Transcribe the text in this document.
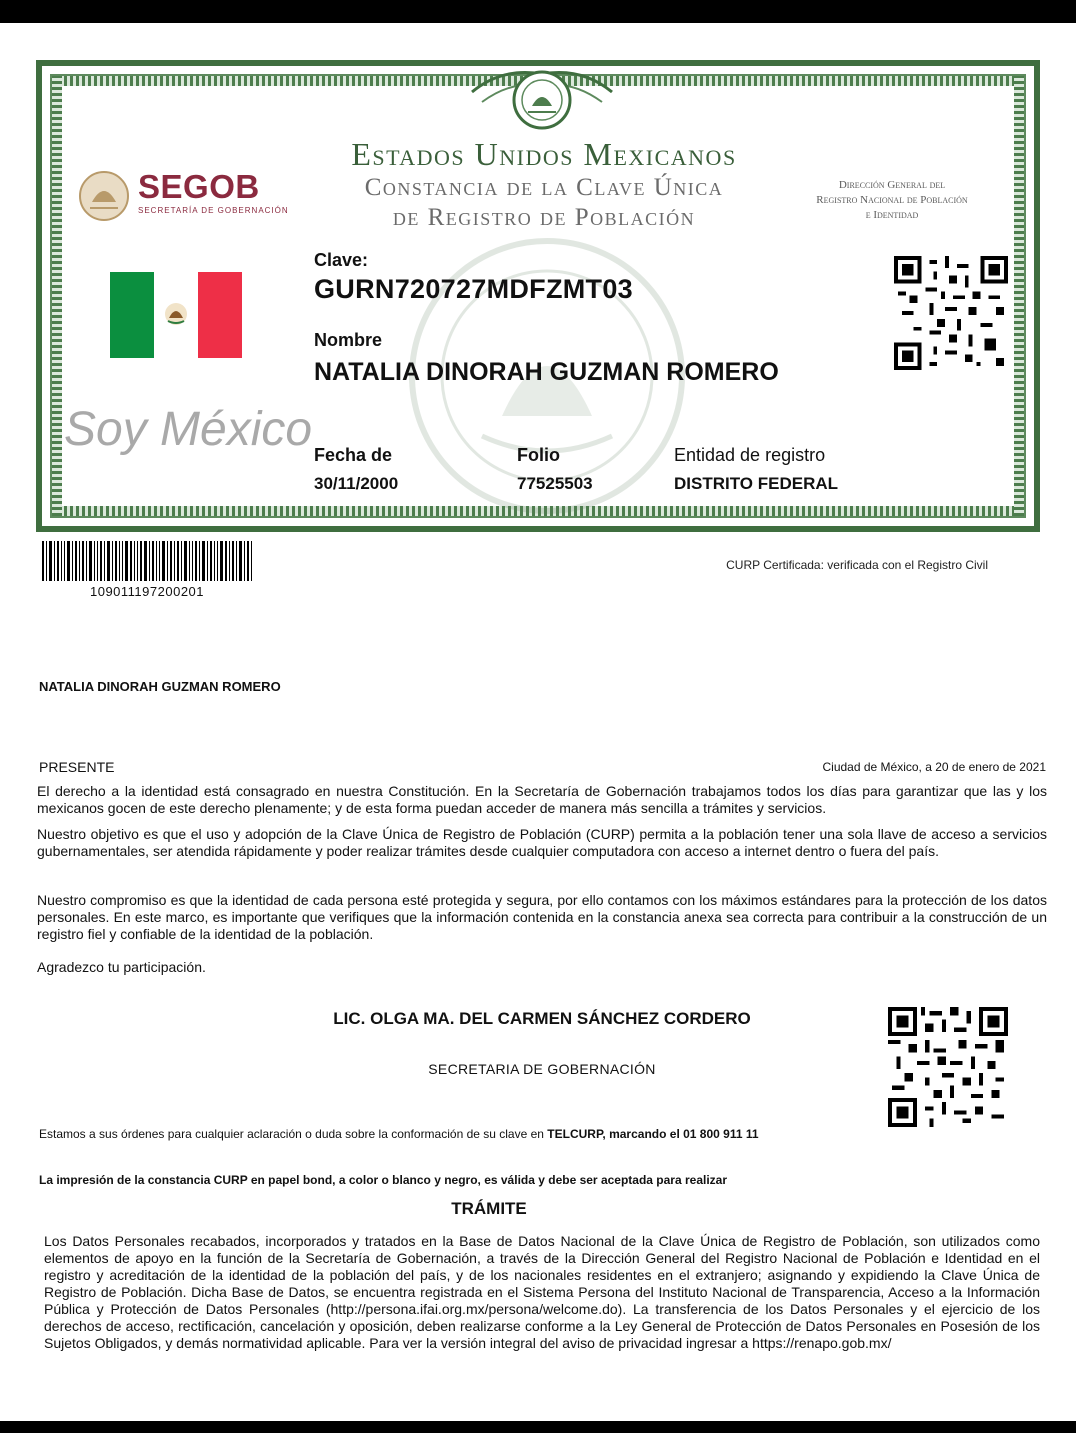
Estados Unidos Mexicanos
Constancia de la Clave Única
de Registro de Población
SEGOB
SECRETARÍA DE GOBERNACIÓN
Dirección General del
Registro Nacional de Población
e Identidad
Soy México
Clave:
GURN720727MDFZMT03
Nombre
NATALIA DINORAH GUZMAN ROMERO
Fecha de
30/11/2000
Folio
77525503
Entidad de registro
DISTRITO FEDERAL
109011197200201
CURP Certificada: verificada con el Registro Civil
NATALIA DINORAH GUZMAN ROMERO
PRESENTE	Ciudad de México, a 20 de enero de 2021
El derecho a la identidad está consagrado en nuestra Constitución. En la Secretaría de Gobernación trabajamos todos los días para garantizar que las y los mexicanos gocen de este derecho plenamente; y de esta forma puedan acceder de manera más sencilla a trámites y servicios.
Nuestro objetivo es que el uso y adopción de la Clave Única de Registro de Población (CURP) permita a la población tener una sola llave de acceso a servicios gubernamentales, ser atendida rápidamente y poder realizar trámites desde cualquier computadora con acceso a internet dentro o fuera del país.
Nuestro compromiso es que la identidad de cada persona esté protegida y segura, por ello contamos con los máximos estándares para la protección de los datos personales. En este marco, es importante que verifiques que la información contenida en la constancia anexa sea correcta para contribuir a la construcción de un registro fiel y confiable de la identidad de la población.
Agradezco tu participación.
LIC. OLGA MA. DEL CARMEN SÁNCHEZ CORDERO
SECRETARIA DE GOBERNACIÓN
Estamos a sus órdenes para cualquier aclaración o duda sobre la conformación de su clave en TELCURP, marcando el 01 800 911 11
La impresión de la constancia CURP en papel bond, a color o blanco y negro, es válida y debe ser aceptada para realizar
TRÁMITE
Los Datos Personales recabados, incorporados y tratados en la Base de Datos Nacional de la Clave Única de Registro de Población, son utilizados como elementos de apoyo en la función de la Secretaría de Gobernación, a través de la Dirección General del Registro Nacional de Población e Identidad en el registro y acreditación de la identidad de la población del país, y de los nacionales residentes en el extranjero; asignando y expidiendo la Clave Única de Registro de Población. Dicha Base de Datos, se encuentra registrada en el Sistema Persona del Instituto Nacional de Transparencia, Acceso a la Información Pública y Protección de Datos Personales (http://persona.ifai.org.mx/persona/welcome.do). La transferencia de los Datos Personales y el ejercicio de los derechos de acceso, rectificación, cancelación y oposición, deben realizarse conforme a la Ley General de Protección de Datos Personales en Posesión de los Sujetos Obligados, y demás normatividad aplicable. Para ver la versión integral del aviso de privacidad ingresar a https://renapo.gob.mx/
